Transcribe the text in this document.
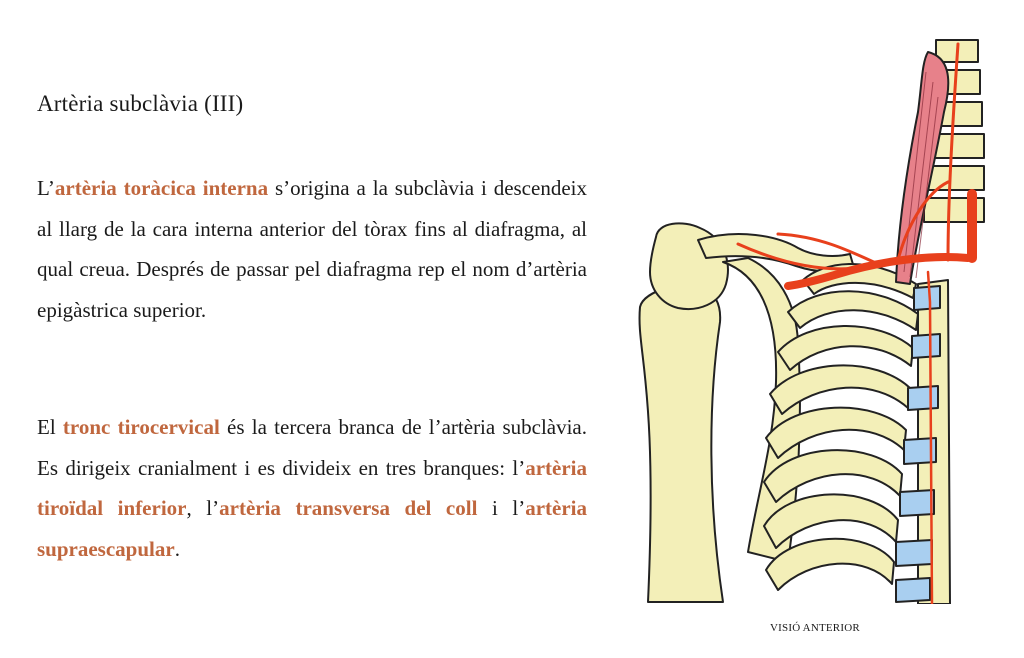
Artèria subclàvia (III)

L’artèria toràcica interna s’origina a la subclàvia i descendeix al llarg de la cara interna anterior del tòrax fins al diafragma, al qual creua. Després de passar pel diafragma rep el nom d’artèria epigàstrica superior.

El tronc tirocervical és la tercera branca de l’artèria subclàvia. Es dirigeix cranialment i es divideix en tres branques: l’artèria tiroïdal inferior, l’artèria transversa del coll i l’artèria supraescapular.

VISIÓ ANTERIOR
